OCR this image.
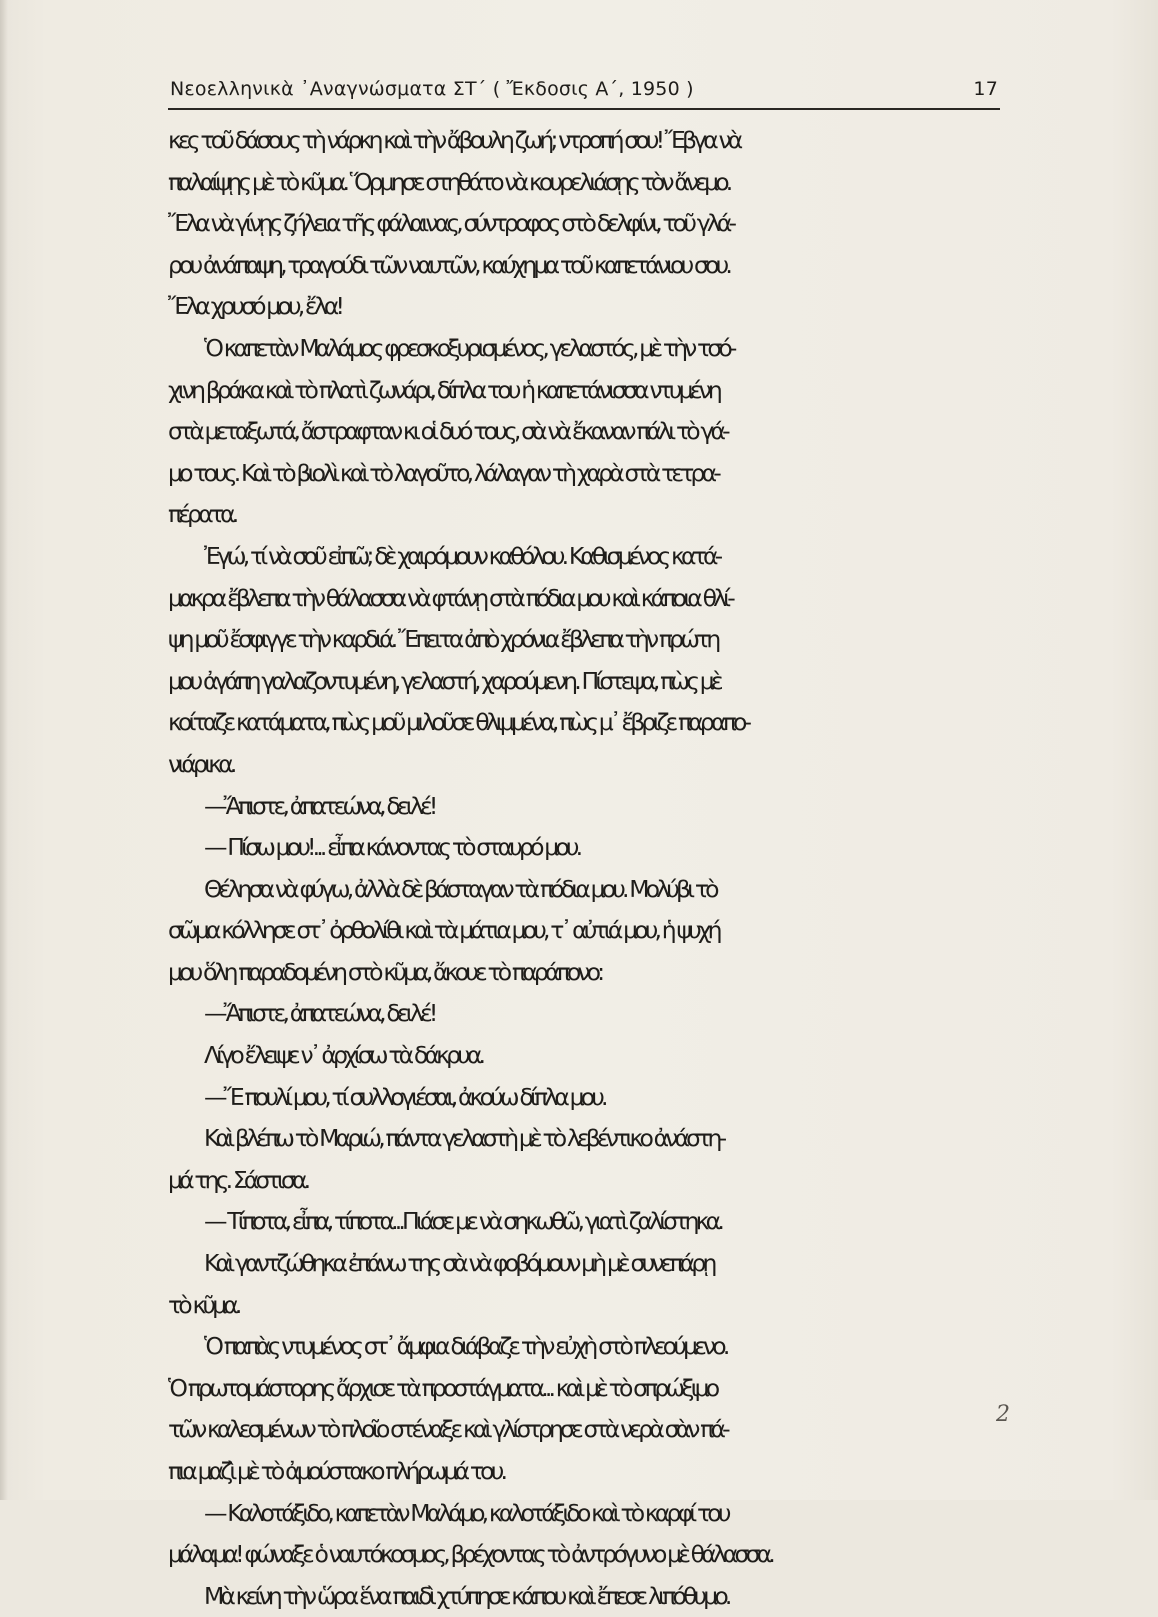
Νεοελληνικὰ ᾿Αναγνώσματα ΣΤ΄ ( Ἔκδοσις Α΄, 1950 )	17
κες τοῦ δάσους τὴ νάρκη καὶ τὴν ἄβουλη ζωή; ντροπή σου! Ἔβγα νὰ
παλαίψῃς μὲ τὸ κῦμα. Ὅρμησε στηθάτο νὰ κουρελιάσῃς τὸν ἄνεμο.
Ἔλα νὰ γίνῃς ζήλεια τῆς φάλαινας, σύντροφος στὸ δελφίνι, τοῦ γλά-
ρου ἀνάπαψη, τραγούδι τῶν ναυτῶν, καύχημα τοῦ καπετάνιου σου.
Ἔλα χρυσό μου, ἔλα!
Ὁ καπετὰν Μαλάμος φρεσκοξυρισμένος, γελαστός, μὲ τὴν τσό-
χινη βράκα καὶ τὸ πλατὶ ζωνάρι, δίπλα του ἡ καπετάνισσα ντυμένη
στὰ μεταξωτά, ἄστραφταν κι οἱ δυό τους, σὰ νὰ ἔκαναν πάλι τὸ γά-
μο τους. Καὶ τὸ βιολὶ καὶ τὸ λαγοῦτο, λάλαγαν τὴ χαρὰ στὰ τετρα-
πέρατα.
Ἐγώ, τί νὰ σοῦ εἰπῶ; δὲ χαιρόμουν καθόλου. Καθισμένος κατά-
μακρα ἔβλεπα τὴν θάλασσα νὰ φτάνῃ στὰ πόδια μου καὶ κάποια θλί-
ψη μοῦ ἔσφιγγε τὴν καρδιά. Ἔπειτα ἀπὸ χρόνια ἔβλεπα τὴν πρώτη
μου ἀγάπη γαλαζοντυμένη, γελαστή, χαρούμενη. Πίστεψα, πὼς μὲ
κοίταζε κατάματα, πὼς μοῦ μιλοῦσε θλιμμένα, πὼς μ᾿ ἔβριζε παραπο-
νιάρικα.
—Ἄπιστε, ἀπατεώνα, δειλέ!
— Πίσω μου!... εἶπα κάνοντας τὸ σταυρό μου.
Θέλησα νὰ φύγω, ἀλλὰ δὲ βάσταγαν τὰ πόδια μου. Μολύβι τὸ
σῶμα κόλλησε στ᾿ ὀρθολίθι καὶ τὰ μάτια μου, τ᾿ αὐτιά μου, ἡ ψυχή
μου ὅλη παραδομένη στὸ κῦμα, ἄκουε τὸ παράπονο:
—Ἄπιστε, ἀπατεώνα, δειλέ!
Λίγο ἔλειψε ν᾿ ἀρχίσω τὰ δάκρυα.
—Ἔ πουλί μου, τί συλλογιέσαι, ἀκούω δίπλα μου.
Καὶ βλέπω τὸ Μαριώ, πάντα γελαστὴ μὲ τὸ λεβέντικο ἀνάστη-
μά της. Σάστισα.
— Τίποτα, εἶπα, τίποτα...Πιάσε με νὰ σηκωθῶ, γιατὶ ζαλίστηκα.
Καὶ γαντζώθηκα ἐπάνω της σὰ νὰ φοβόμουν μὴ μὲ συνεπάρῃ
τὸ κῦμα.
Ὁ παπὰς ντυμένος στ᾿ ἄμφια διάβαζε τὴν εὐχὴ στὸ πλεούμενο.
Ὁ πρωτομάστορης ἄρχισε τὰ προστάγματα... καὶ μὲ τὸ σπρώξιμο
τῶν καλεσμένων τὸ πλοῖο στέναξε καὶ γλίστρησε στὰ νερὰ σὰν πά-
πια μαζὶ μὲ τὸ ἀμούστακο πλήρωμά του.
— Καλοτάξιδο, καπετὰν Μαλάμο, καλοτάξιδο καὶ τὸ καρφί του
μάλαμα! φώναξε ὁ ναυτόκοσμος, βρέχοντας τὸ ἀντρόγυνο μὲ θάλασσα.
Μὰ κείνη τὴν ὥρα ἕνα παιδὶ χτύπησε κάπου καὶ ἔπεσε λιπόθυμο.
2
